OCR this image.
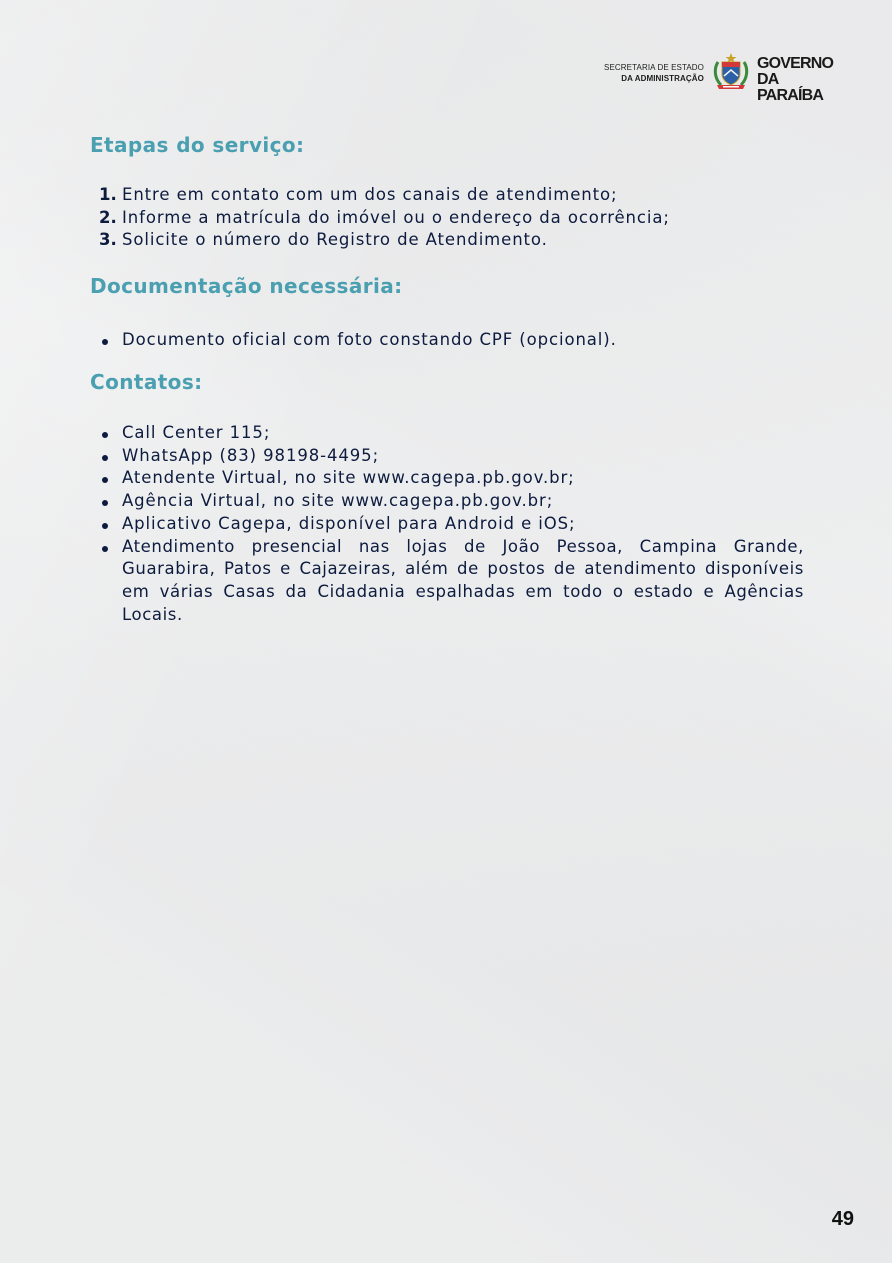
SECRETARIA DE ESTADO
DA ADMINISTRAÇÃO
GOVERNO
DA PARAÍBA
Etapas do serviço:
1. Entre em contato com um dos canais de atendimento;
2. Informe a matrícula do imóvel ou o endereço da ocorrência;
3. Solicite o número do Registro de Atendimento.
Documentação necessária:
Documento oficial com foto constando CPF (opcional).
Contatos:
Call Center 115;
WhatsApp (83) 98198-4495;
Atendente Virtual, no site www.cagepa.pb.gov.br;
Agência Virtual, no site www.cagepa.pb.gov.br;
Aplicativo Cagepa, disponível para Android e iOS;
Atendimento presencial nas lojas de João Pessoa, Campina Grande, Guarabira, Patos e Cajazeiras, além de postos de atendimento disponíveis em várias Casas da Cidadania espalhadas em todo o estado e Agências Locais.
49
